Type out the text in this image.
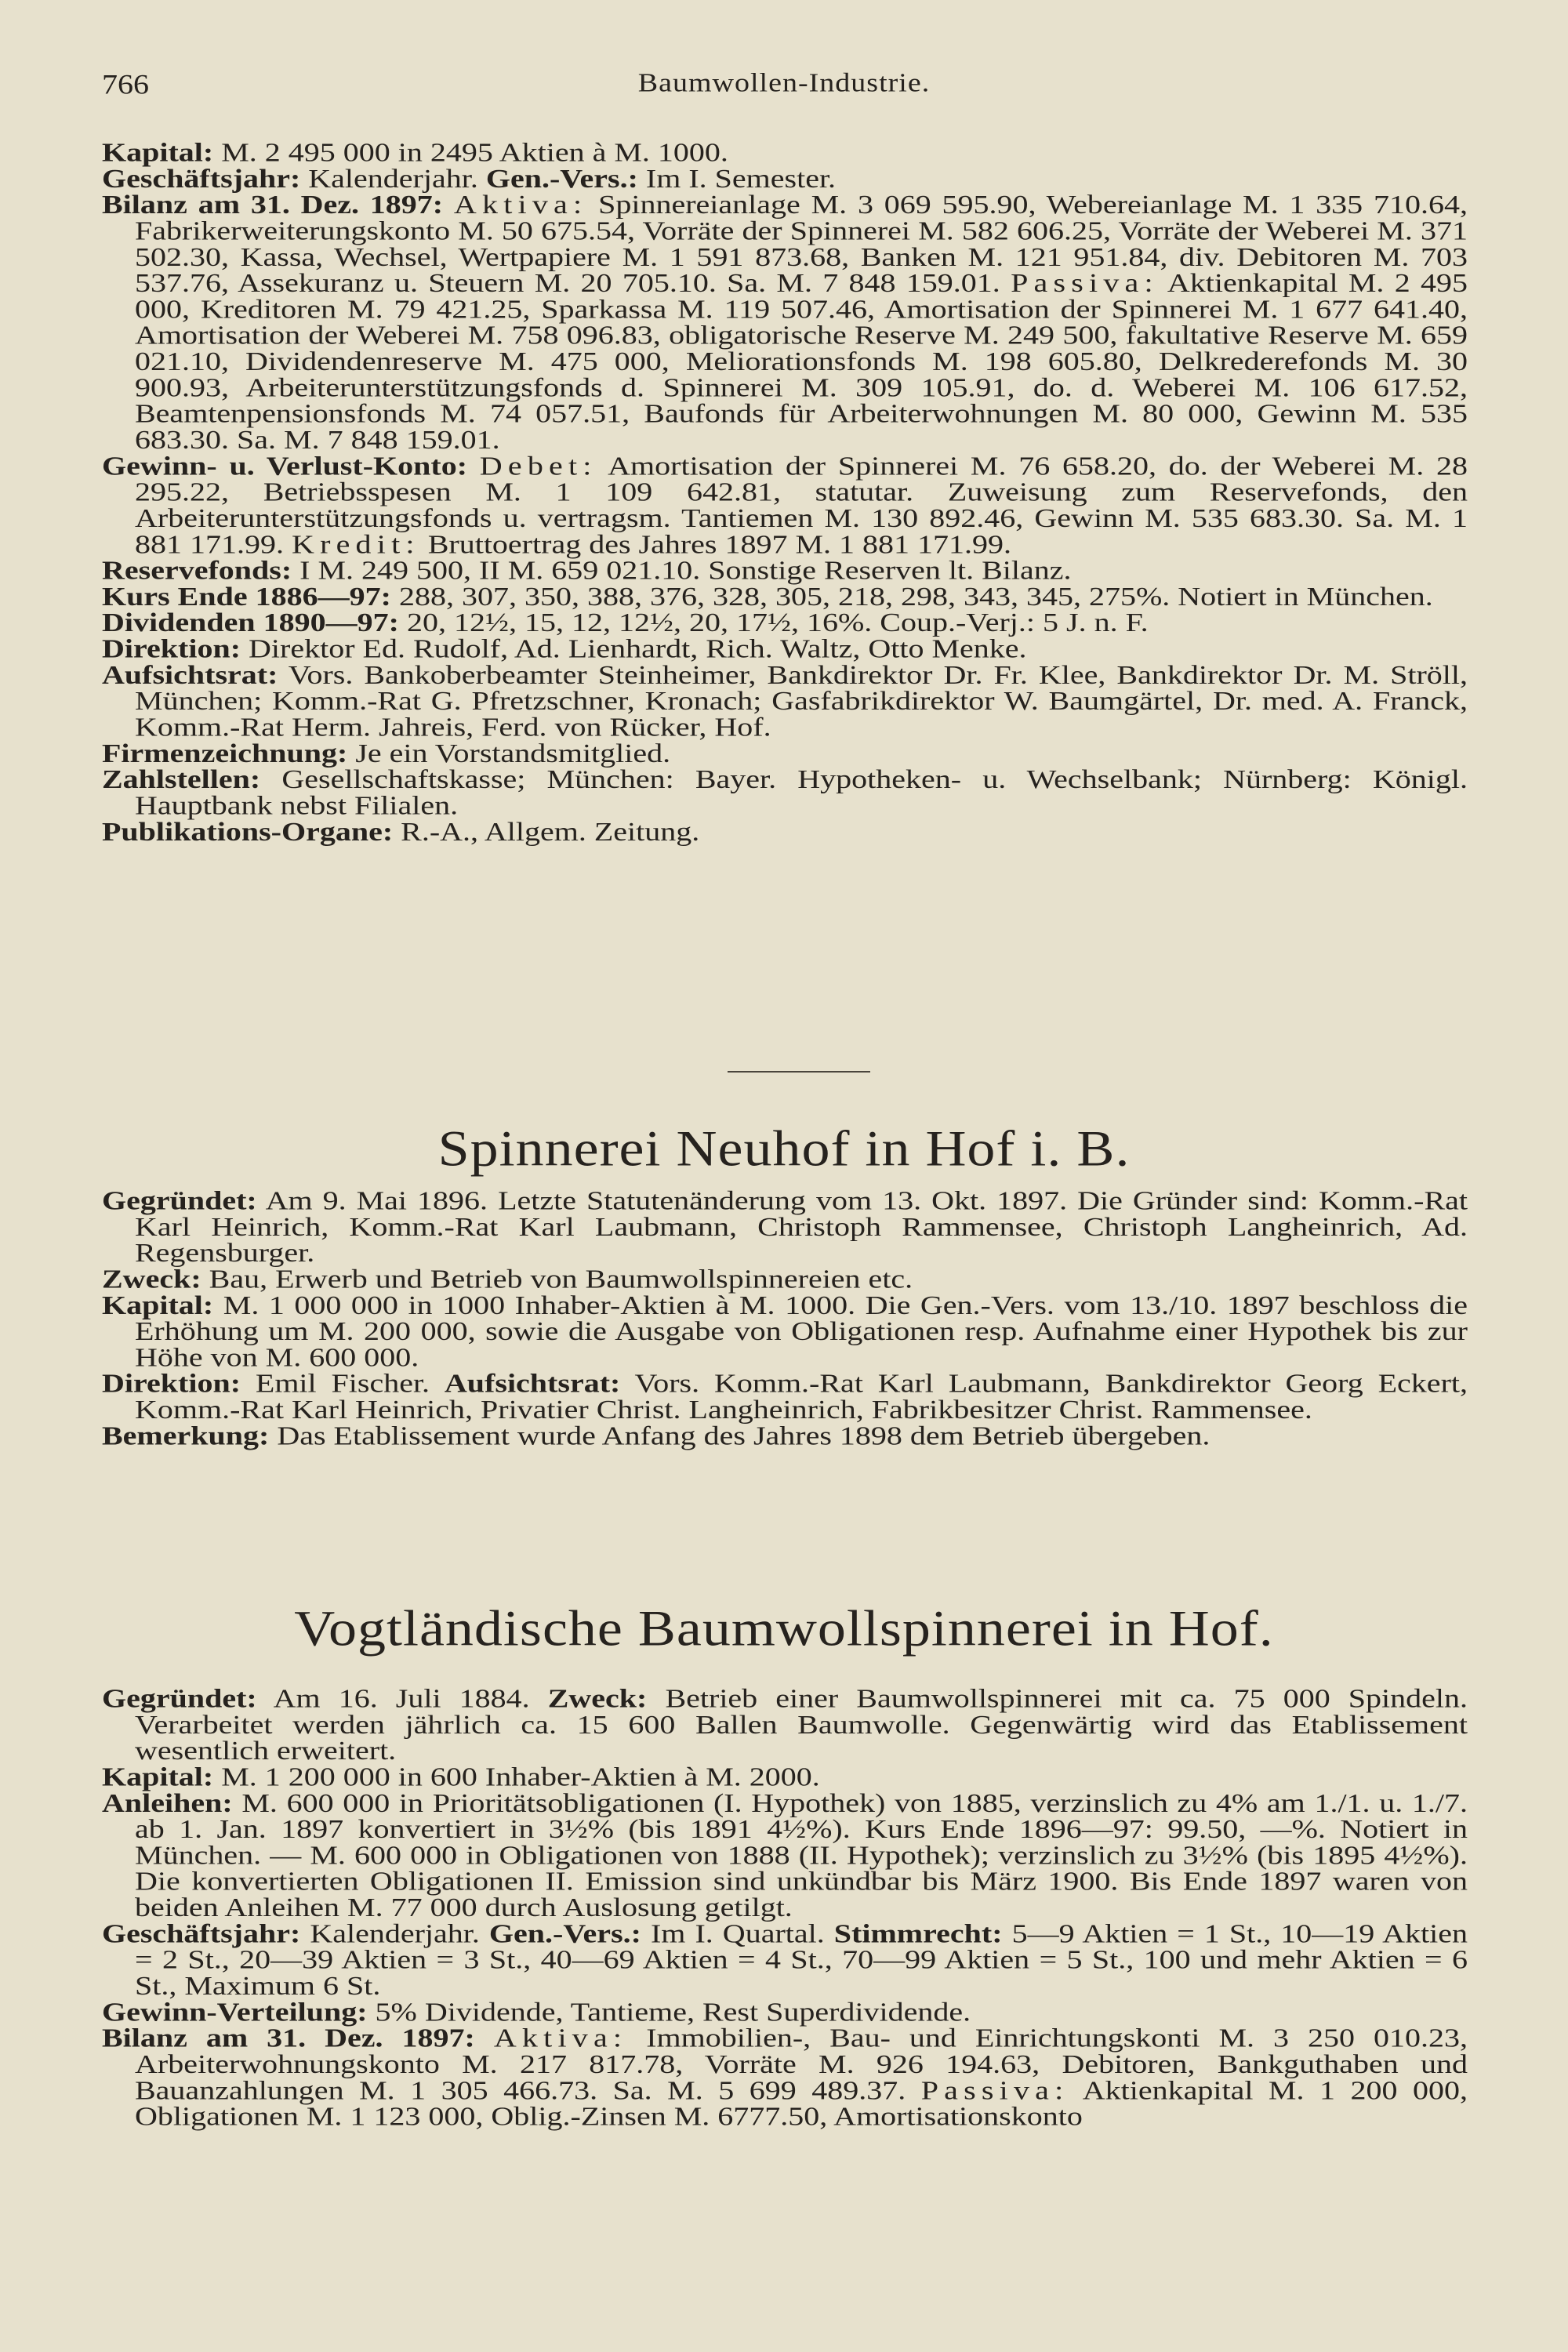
766	Baumwollen-Industrie.

Kapital: M. 2 495 000 in 2495 Aktien à M. 1000.

Geschäftsjahr: Kalenderjahr. Gen.-Vers.: Im I. Semester.

Bilanz am 31. Dez. 1897: Aktiva: Spinnereianlage M. 3 069 595.90, Webereianlage M. 1 335 710.64, Fabrikerweiterungskonto M. 50 675.54, Vorräte der Spinnerei M. 582 606.25, Vorräte der Weberei M. 371 502.30, Kassa, Wechsel, Wertpapiere M. 1 591 873.68, Banken M. 121 951.84, div. Debitoren M. 703 537.76, Assekuranz u. Steuern M. 20 705.10. Sa. M. 7 848 159.01. Passiva: Aktienkapital M. 2 495 000, Kreditoren M. 79 421.25, Sparkassa M. 119 507.46, Amortisation der Spinnerei M. 1 677 641.40, Amortisation der Weberei M. 758 096.83, obligatorische Reserve M. 249 500, fakultative Reserve M. 659 021.10, Dividendenreserve M. 475 000, Meliorationsfonds M. 198 605.80, Delkrederefonds M. 30 900.93, Arbeiterunterstützungsfonds d. Spinnerei M. 309 105.91, do. d. Weberei M. 106 617.52, Beamtenpensionsfonds M. 74 057.51, Baufonds für Arbeiterwohnungen M. 80 000, Gewinn M. 535 683.30. Sa. M. 7 848 159.01.

Gewinn- u. Verlust-Konto: Debet: Amortisation der Spinnerei M. 76 658.20, do. der Weberei M. 28 295.22, Betriebsspesen M. 1 109 642.81, statutar. Zuweisung zum Reservefonds, den Arbeiterunterstützungsfonds u. vertragsm. Tantiemen M. 130 892.46, Gewinn M. 535 683.30. Sa. M. 1 881 171.99. Kredit: Bruttoertrag des Jahres 1897 M. 1 881 171.99.

Reservefonds: I M. 249 500, II M. 659 021.10. Sonstige Reserven lt. Bilanz.

Kurs Ende 1886—97: 288, 307, 350, 388, 376, 328, 305, 218, 298, 343, 345, 275%. Notiert in München.

Dividenden 1890—97: 20, 12½, 15, 12, 12½, 20, 17½, 16%. Coup.-Verj.: 5 J. n. F.

Direktion: Direktor Ed. Rudolf, Ad. Lienhardt, Rich. Waltz, Otto Menke.

Aufsichtsrat: Vors. Bankoberbeamter Steinheimer, Bankdirektor Dr. Fr. Klee, Bankdirektor Dr. M. Ströll, München; Komm.-Rat G. Pfretzschner, Kronach; Gasfabrikdirektor W. Baumgärtel, Dr. med. A. Franck, Komm.-Rat Herm. Jahreis, Ferd. von Rücker, Hof.

Firmenzeichnung: Je ein Vorstandsmitglied.

Zahlstellen: Gesellschaftskasse; München: Bayer. Hypotheken- u. Wechselbank; Nürnberg: Königl. Hauptbank nebst Filialen.

Publikations-Organe: R.-A., Allgem. Zeitung.

Spinnerei Neuhof in Hof i. B.

Gegründet: Am 9. Mai 1896. Letzte Statutenänderung vom 13. Okt. 1897. Die Gründer sind: Komm.-Rat Karl Heinrich, Komm.-Rat Karl Laubmann, Christoph Rammensee, Christoph Langheinrich, Ad. Regensburger.

Zweck: Bau, Erwerb und Betrieb von Baumwollspinnereien etc.

Kapital: M. 1 000 000 in 1000 Inhaber-Aktien à M. 1000. Die Gen.-Vers. vom 13./10. 1897 beschloss die Erhöhung um M. 200 000, sowie die Ausgabe von Obligationen resp. Aufnahme einer Hypothek bis zur Höhe von M. 600 000.

Direktion: Emil Fischer. Aufsichtsrat: Vors. Komm.-Rat Karl Laubmann, Bankdirektor Georg Eckert, Komm.-Rat Karl Heinrich, Privatier Christ. Langheinrich, Fabrikbesitzer Christ. Rammensee.

Bemerkung: Das Etablissement wurde Anfang des Jahres 1898 dem Betrieb übergeben.

Vogtländische Baumwollspinnerei in Hof.

Gegründet: Am 16. Juli 1884. Zweck: Betrieb einer Baumwollspinnerei mit ca. 75 000 Spindeln. Verarbeitet werden jährlich ca. 15 600 Ballen Baumwolle. Gegenwärtig wird das Etablissement wesentlich erweitert.

Kapital: M. 1 200 000 in 600 Inhaber-Aktien à M. 2000.

Anleihen: M. 600 000 in Prioritätsobligationen (I. Hypothek) von 1885, verzinslich zu 4% am 1./1. u. 1./7. ab 1. Jan. 1897 konvertiert in 3½% (bis 1891 4½%). Kurs Ende 1896—97: 99.50, —%. Notiert in München. — M. 600 000 in Obligationen von 1888 (II. Hypothek); verzinslich zu 3½% (bis 1895 4½%). Die konvertierten Obligationen II. Emission sind unkündbar bis März 1900. Bis Ende 1897 waren von beiden Anleihen M. 77 000 durch Auslosung getilgt.

Geschäftsjahr: Kalenderjahr. Gen.-Vers.: Im I. Quartal. Stimmrecht: 5—9 Aktien = 1 St., 10—19 Aktien = 2 St., 20—39 Aktien = 3 St., 40—69 Aktien = 4 St., 70—99 Aktien = 5 St., 100 und mehr Aktien = 6 St., Maximum 6 St.

Gewinn-Verteilung: 5% Dividende, Tantieme, Rest Superdividende.

Bilanz am 31. Dez. 1897: Aktiva: Immobilien-, Bau- und Einrichtungskonti M. 3 250 010.23, Arbeiterwohnungskonto M. 217 817.78, Vorräte M. 926 194.63, Debitoren, Bankguthaben und Bauanzahlungen M. 1 305 466.73. Sa. M. 5 699 489.37. Passiva: Aktienkapital M. 1 200 000, Obligationen M. 1 123 000, Oblig.-Zinsen M. 6777.50, Amortisationskonto
